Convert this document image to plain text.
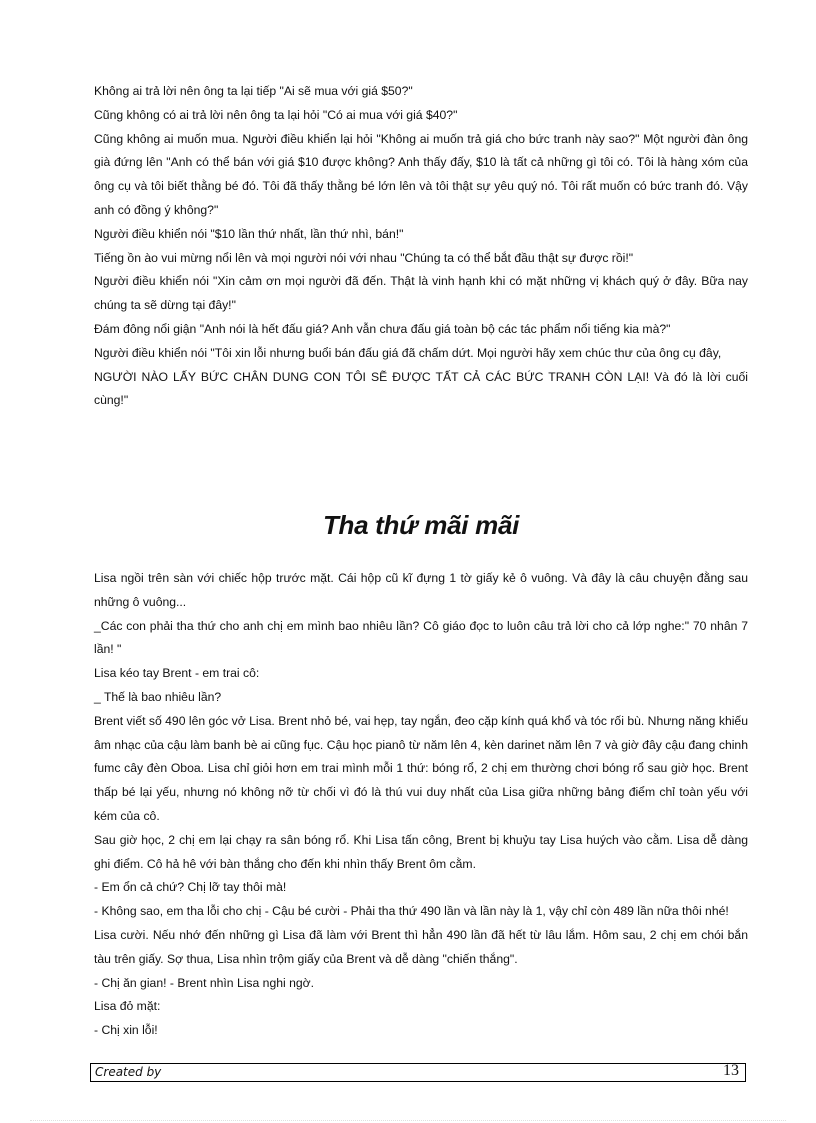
Không ai trả lời nên ông ta lại tiếp "Ai sẽ mua với giá $50?"

Cũng không có ai trả lời nên ông ta lại hỏi "Có ai mua với giá $40?"

Cũng không ai muốn mua. Người điều khiển lại hỏi "Không ai muốn trả giá cho bức tranh này sao?" Một người đàn ông già đứng lên "Anh có thể bán với giá $10 được không? Anh thấy đấy, $10 là tất cả những gì tôi có. Tôi là hàng xóm của ông cụ và tôi biết thằng bé đó. Tôi đã thấy thằng bé lớn lên và tôi thật sự yêu quý nó. Tôi rất muốn có bức tranh đó. Vậy anh có đồng ý không?"

Người điều khiển nói "$10 lần thứ nhất, lần thứ nhì, bán!"

Tiếng ồn ào vui mừng nổi lên và mọi người nói với nhau "Chúng ta có thể bắt đầu thật sự được rồi!"

Người điều khiển nói "Xin cảm ơn mọi người đã đến. Thật là vinh hạnh khi có mặt những vị khách quý ở đây. Bữa nay chúng ta sẽ dừng tại đây!"

Đám đông nổi giận "Anh nói là hết đấu giá? Anh vẫn chưa đấu giá toàn bộ các tác phẩm nổi tiếng kia mà?"

Người điều khiển nói "Tôi xin lỗi nhưng buổi bán đấu giá đã chấm dứt. Mọi người hãy xem chúc thư của ông cụ đây,

NGƯỜI NÀO LẤY BỨC CHÂN DUNG CON TÔI SẼ ĐƯỢC TẤT CẢ CÁC BỨC TRANH CÒN LẠI! Và đó là lời cuối cùng!"

Tha thứ mãi mãi

Lisa ngồi trên sàn với chiếc hộp trước mặt. Cái hộp cũ kĩ đựng 1 tờ giấy kẻ ô vuông. Và đây là câu chuyện đằng sau những ô vuông...

_Các con phải tha thứ cho anh chị em mình bao nhiêu lần? Cô giáo đọc to luôn câu trả lời cho cả lớp nghe:" 70 nhân 7 lần! "

Lisa kéo tay Brent - em trai cô:

_ Thế là bao nhiêu lần?

Brent viết số 490 lên góc vở Lisa. Brent nhỏ bé, vai hẹp, tay ngắn, đeo cặp kính quá khổ và tóc rối bù. Nhưng năng khiếu âm nhạc của cậu làm banh bè ai cũng fục. Cậu học pianô từ năm lên 4, kèn darinet năm lên 7 và giờ đây cậu đang chinh fumc cây đèn Oboa. Lisa chỉ giỏi hơn em trai mình mỗi 1 thứ: bóng rổ, 2 chị em thường chơi bóng rổ sau giờ học. Brent thấp bé lại yếu, nhưng nó không nỡ từ chối vì đó là thú vui duy nhất của Lisa giữa những bảng điểm chỉ toàn yếu với kém của cô.

Sau giờ học, 2 chị em lại chạy ra sân bóng rổ. Khi Lisa tấn công, Brent bị khuỷu tay Lisa huých vào cằm. Lisa dễ dàng ghi điểm. Cô hả hê với bàn thắng cho đến khi nhìn thấy Brent ôm cằm.

- Em ổn cả chứ? Chị lỡ tay thôi mà!

- Không sao, em tha lỗi cho chị - Cậu bé cười - Phải tha thứ 490 lần và lần này là 1, vậy chỉ còn 489 lần nữa thôi nhé!

Lisa cười. Nếu nhớ đến những gì Lisa đã làm với Brent thì hẳn 490 lần đã hết từ lâu lắm. Hôm sau, 2 chị em chói bắn tàu trên giấy. Sợ thua, Lisa nhìn trộm giấy của Brent và dễ dàng "chiến thắng".

- Chị ăn gian! - Brent nhìn Lisa nghi ngờ.

Lisa đỏ mặt:

- Chị xin lỗi!

Created by	13
